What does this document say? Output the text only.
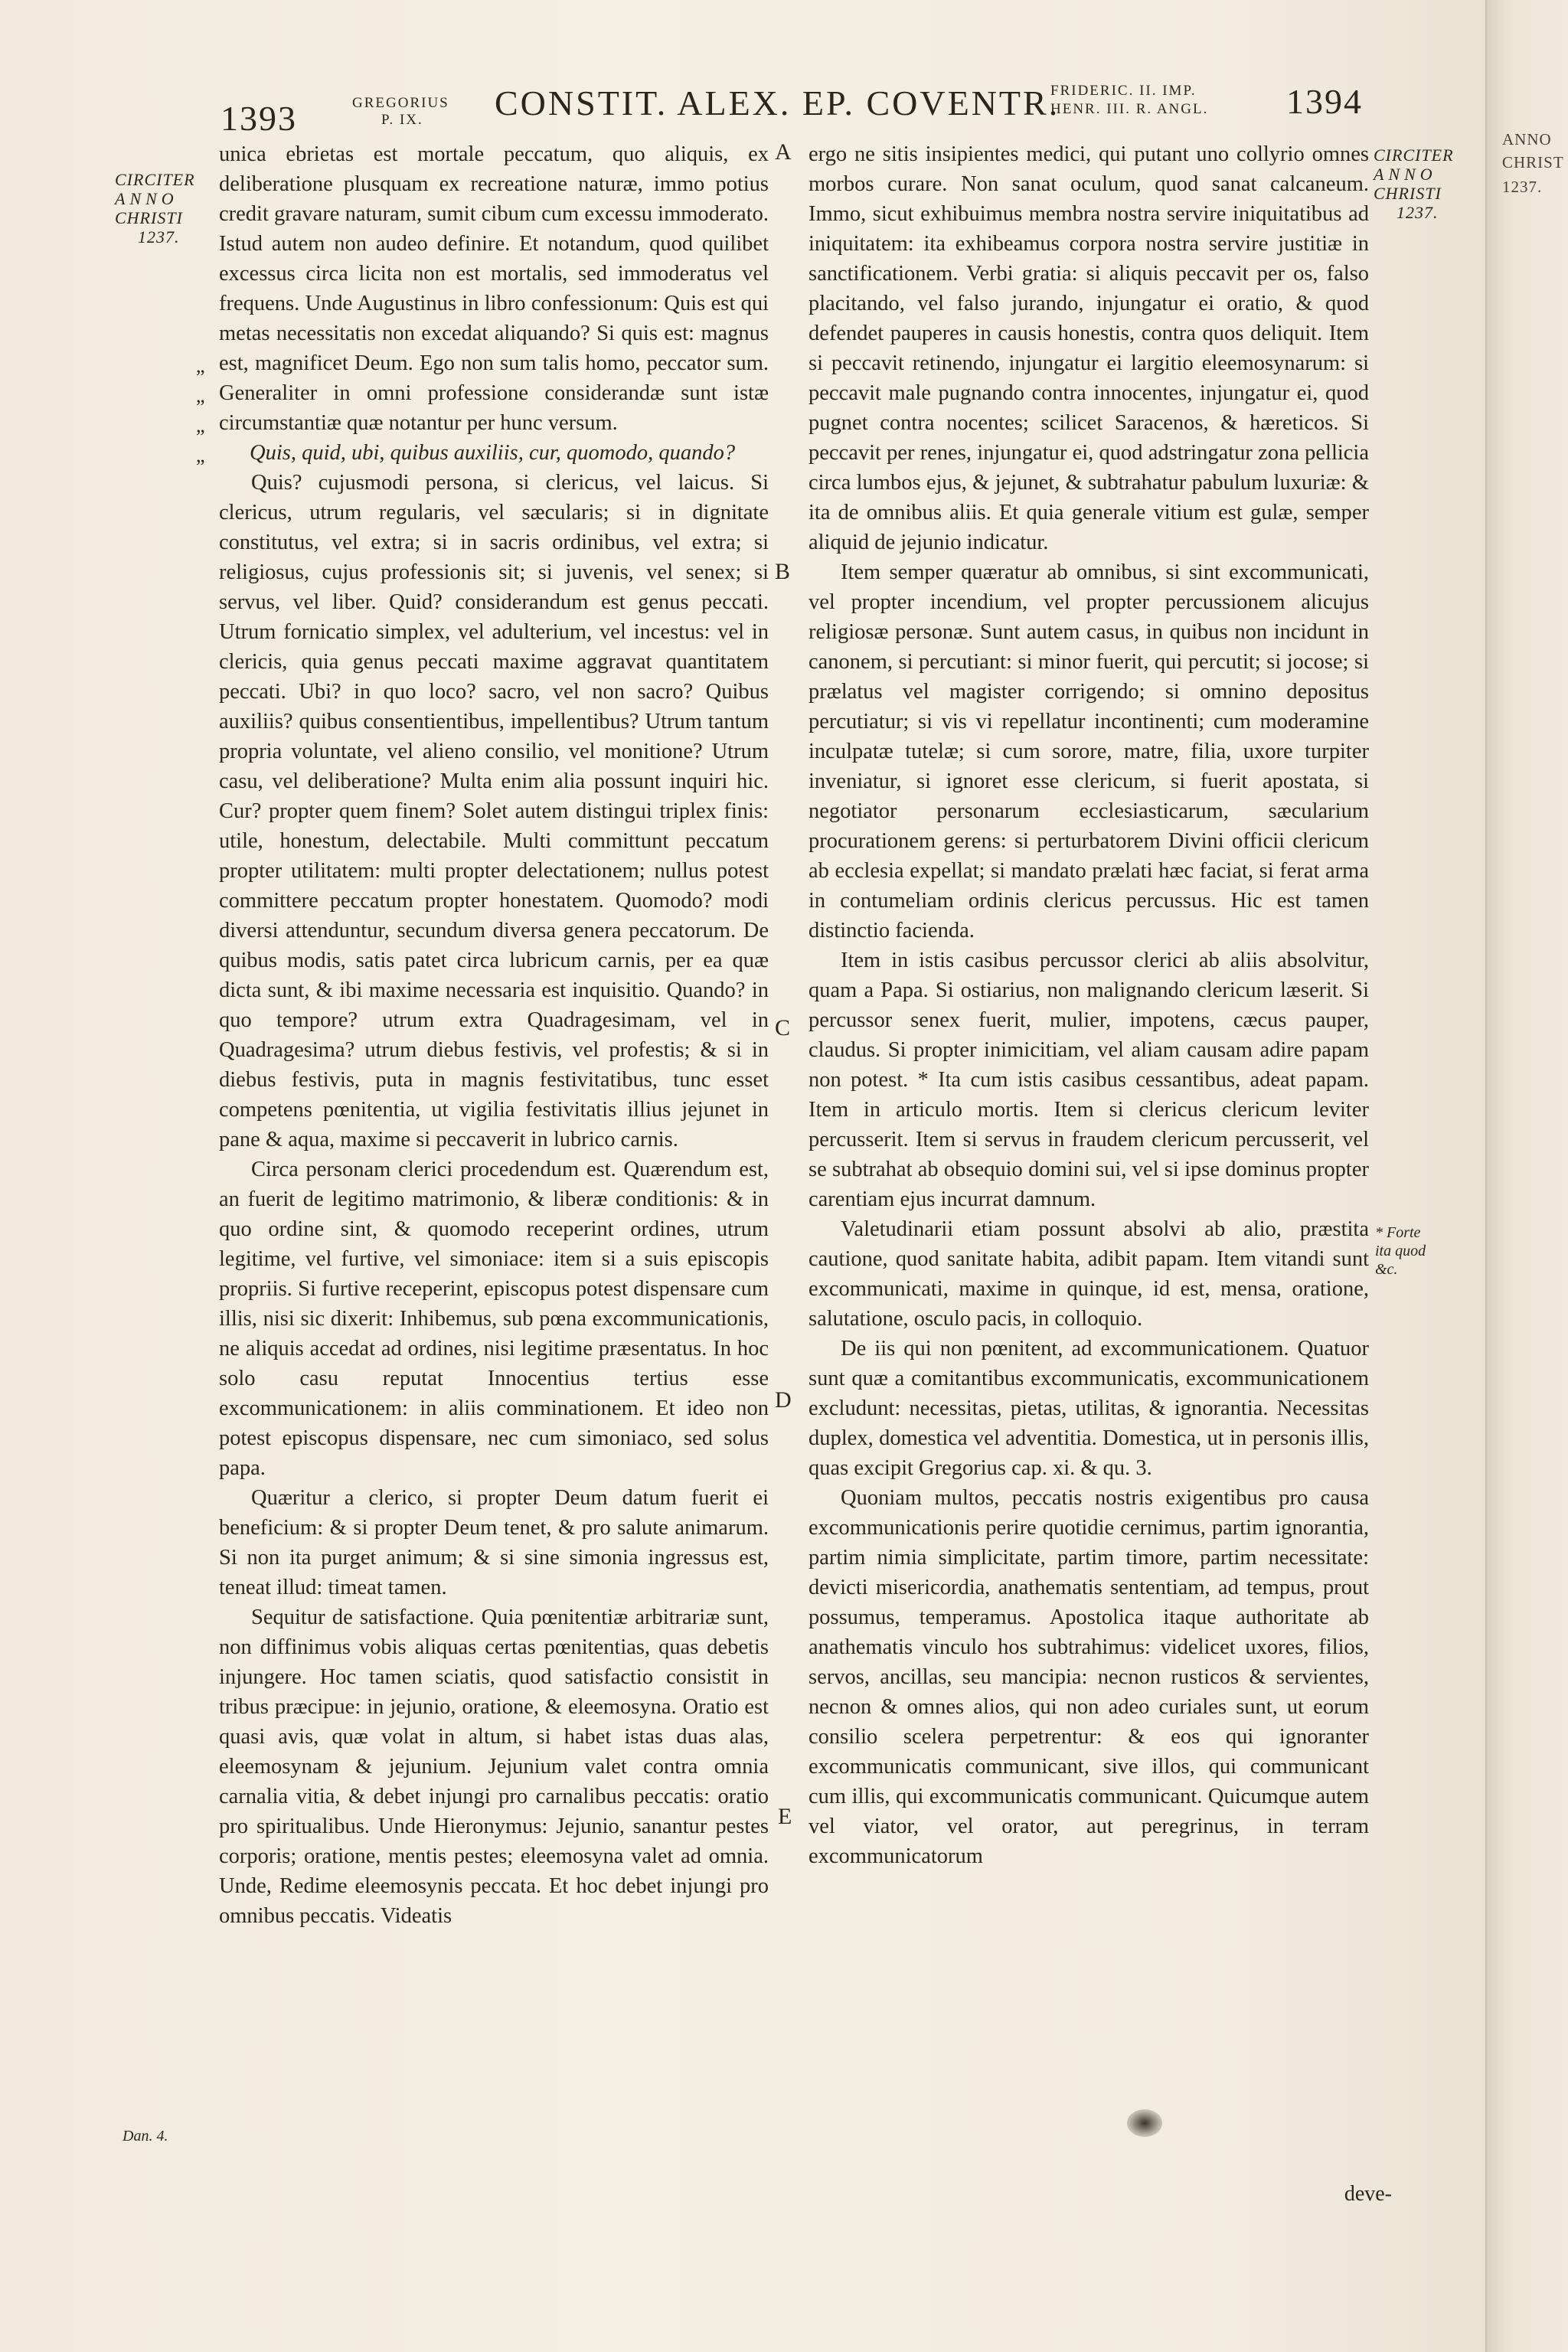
ANNO
CHRIST
1237.
1393	GREGORIUS
P. IX. CONSTIT. ALEX. EP. COVENTR.
FRIDERIC. II. IMP.
HENR. III. R. ANGL. 1394
CIRCITER
ANNO
CHRISTI
1237.
CIRCITER
ANNO
CHRISTI
1237.
„
„
„
„
A
B
C
D
E
Dan. 4.
* Forte
ita quod
&c.

unica ebrietas est mortale peccatum, quo aliquis, ex deliberatione plusquam ex recreatione naturæ, immo potius credit gravare naturam, sumit cibum cum excessu immoderato. Istud autem non audeo definire. Et notandum, quod quilibet excessus circa licita non est mortalis, sed immoderatus vel frequens. Unde Augustinus in libro confessionum: Quis est qui metas necessitatis non excedat aliquando? Si quis est: magnus est, magnificet Deum. Ego non sum talis homo, peccator sum. Generaliter in omni professione considerandæ sunt istæ circumstantiæ quæ notantur per hunc versum.

Quis, quid, ubi, quibus auxiliis, cur, quomodo, quando?

Quis? cujusmodi persona, si clericus, vel laicus. Si clericus, utrum regularis, vel sæcularis; si in dignitate constitutus, vel extra; si in sacris ordinibus, vel extra; si religiosus, cujus professionis sit; si juvenis, vel senex; si servus, vel liber. Quid? considerandum est genus peccati. Utrum fornicatio simplex, vel adulterium, vel incestus: vel in clericis, quia genus peccati maxime aggravat quantitatem peccati. Ubi? in quo loco? sacro, vel non sacro? Quibus auxiliis? quibus consentientibus, impellentibus? Utrum tantum propria voluntate, vel alieno consilio, vel monitione? Utrum casu, vel deliberatione? Multa enim alia possunt inquiri hic. Cur? propter quem finem? Solet autem distingui triplex finis: utile, honestum, delectabile. Multi committunt peccatum propter utilitatem: multi propter delectationem; nullus potest committere peccatum propter honestatem. Quomodo? modi diversi attenduntur, secundum diversa genera peccatorum. De quibus modis, satis patet circa lubricum carnis, per ea quæ dicta sunt, & ibi maxime necessaria est inquisitio. Quando? in quo tempore? utrum extra Quadragesimam, vel in Quadragesima? utrum diebus festivis, vel profestis; & si in diebus festivis, puta in magnis festivitatibus, tunc esset competens pœnitentia, ut vigilia festivitatis illius jejunet in pane & aqua, maxime si peccaverit in lubrico carnis.

Circa personam clerici procedendum est. Quærendum est, an fuerit de legitimo matrimonio, & liberæ conditionis: & in quo ordine sint, & quomodo receperint ordines, utrum legitime, vel furtive, vel simoniace: item si a suis episcopis propriis. Si furtive receperint, episcopus potest dispensare cum illis, nisi sic dixerit: Inhibemus, sub pœna excommunicationis, ne aliquis accedat ad ordines, nisi legitime præsentatus. In hoc solo casu reputat Innocentius tertius esse excommunicationem: in aliis comminationem. Et ideo non potest episcopus dispensare, nec cum simoniaco, sed solus papa.

Quæritur a clerico, si propter Deum datum fuerit ei beneficium: & si propter Deum tenet, & pro salute animarum. Si non ita purget animum; & si sine simonia ingressus est, teneat illud: timeat tamen.

Sequitur de satisfactione. Quia pœnitentiæ arbitrariæ sunt, non diffinimus vobis aliquas certas pœnitentias, quas debetis injungere. Hoc tamen sciatis, quod satisfactio consistit in tribus præcipue: in jejunio, oratione, & eleemosyna. Oratio est quasi avis, quæ volat in altum, si habet istas duas alas, eleemosynam & jejunium. Jejunium valet contra omnia carnalia vitia, & debet injungi pro carnalibus peccatis: oratio pro spiritualibus. Unde Hieronymus: Jejunio, sanantur pestes corporis; oratione, mentis pestes; eleemosyna valet ad omnia. Unde, Redime eleemosynis peccata. Et hoc debet injungi pro omnibus peccatis. Videatis

ergo ne sitis insipientes medici, qui putant uno collyrio omnes morbos curare. Non sanat oculum, quod sanat calcaneum. Immo, sicut exhibuimus membra nostra servire iniquitatibus ad iniquitatem: ita exhibeamus corpora nostra servire justitiæ in sanctificationem. Verbi gratia: si aliquis peccavit per os, falso placitando, vel falso jurando, injungatur ei oratio, & quod defendet pauperes in causis honestis, contra quos deliquit. Item si peccavit retinendo, injungatur ei largitio eleemosynarum: si peccavit male pugnando contra innocentes, injungatur ei, quod pugnet contra nocentes; scilicet Saracenos, & hæreticos. Si peccavit per renes, injungatur ei, quod adstringatur zona pellicia circa lumbos ejus, & jejunet, & subtrahatur pabulum luxuriæ: & ita de omnibus aliis. Et quia generale vitium est gulæ, semper aliquid de jejunio indicatur.

Item semper quæratur ab omnibus, si sint excommunicati, vel propter incendium, vel propter percussionem alicujus religiosæ personæ. Sunt autem casus, in quibus non incidunt in canonem, si percutiant: si minor fuerit, qui percutit; si jocose; si prælatus vel magister corrigendo; si omnino depositus percutiatur; si vis vi repellatur incontinenti; cum moderamine inculpatæ tutelæ; si cum sorore, matre, filia, uxore turpiter inveniatur, si ignoret esse clericum, si fuerit apostata, si negotiator personarum ecclesiasticarum, sæcularium procurationem gerens: si perturbatorem Divini officii clericum ab ecclesia expellat; si mandato prælati hæc faciat, si ferat arma in contumeliam ordinis clericus percussus. Hic est tamen distinctio facienda.

Item in istis casibus percussor clerici ab aliis absolvitur, quam a Papa. Si ostiarius, non malignando clericum læserit. Si percussor senex fuerit, mulier, impotens, cæcus pauper, claudus. Si propter inimicitiam, vel aliam causam adire papam non potest. * Ita cum istis casibus cessantibus, adeat papam. Item in articulo mortis. Item si clericus clericum leviter percusserit. Item si servus in fraudem clericum percusserit, vel se subtrahat ab obsequio domini sui, vel si ipse dominus propter carentiam ejus incurrat damnum.

Valetudinarii etiam possunt absolvi ab alio, præstita cautione, quod sanitate habita, adibit papam. Item vitandi sunt excommunicati, maxime in quinque, id est, mensa, oratione, salutatione, osculo pacis, in colloquio.

De iis qui non pœnitent, ad excommunicationem. Quatuor sunt quæ a comitantibus excommunicatis, excommunicationem excludunt: necessitas, pietas, utilitas, & ignorantia. Necessitas duplex, domestica vel adventitia. Domestica, ut in personis illis, quas excipit Gregorius cap. xi. & qu. 3.

Quoniam multos, peccatis nostris exigentibus pro causa excommunicationis perire quotidie cernimus, partim ignorantia, partim nimia simplicitate, partim timore, partim necessitate: devicti misericordia, anathematis sententiam, ad tempus, prout possumus, temperamus. Apostolica itaque authoritate ab anathematis vinculo hos subtrahimus: videlicet uxores, filios, servos, ancillas, seu mancipia: necnon rusticos & servientes, necnon & omnes alios, qui non adeo curiales sunt, ut eorum consilio scelera perpetrentur: & eos qui ignoranter excommunicatis communicant, sive illos, qui communicant cum illis, qui excommunicatis communicant. Quicumque autem vel viator, vel orator, aut peregrinus, in terram excommunicatorum

deve-
